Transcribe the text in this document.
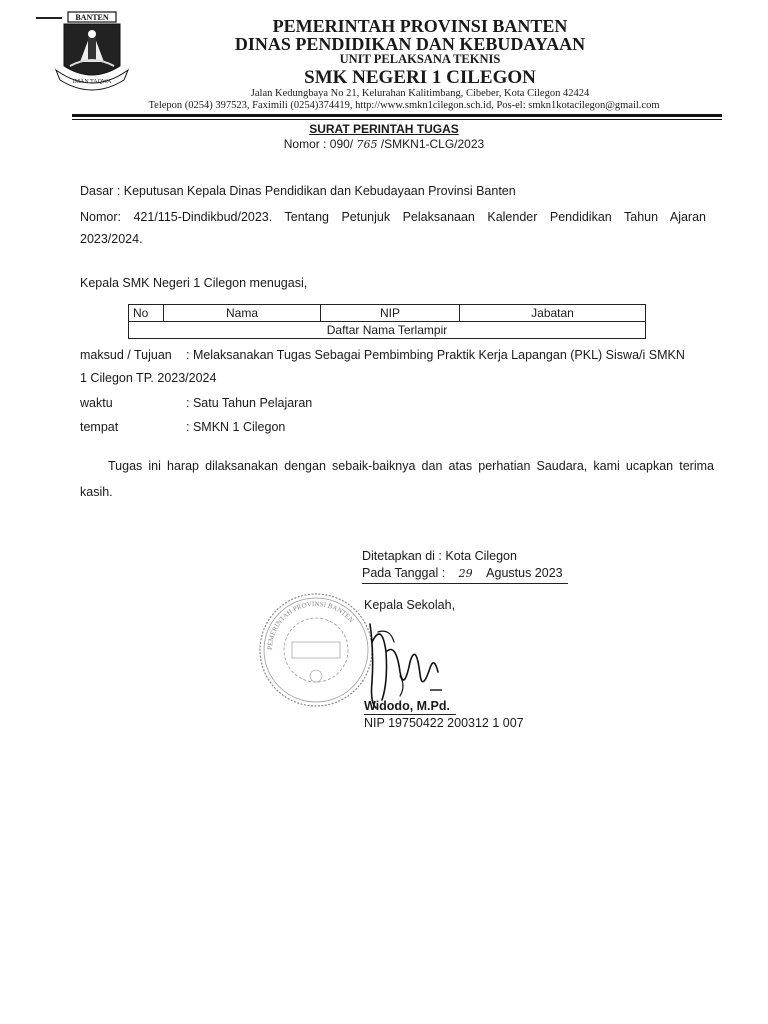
BANTEN
IMAN TAQWA
PEMERINTAH PROVINSI BANTEN
DINAS PENDIDIKAN DAN KEBUDAYAAN
UNIT PELAKSANA TEKNIS
SMK NEGERI 1 CILEGON
Jalan Kedungbaya No 21, Kelurahan Kalitimbang, Cibeber, Kota Cilegon 42424
Telepon (0254) 397523, Faximili (0254)374419, http://www.smkn1cilegon.sch.id, Pos-el: smkn1kotacilegon@gmail.com
SURAT PERINTAH TUGAS
Nomor : 090/ 765 /SMKN1-CLG/2023
Dasar : Keputusan Kepala Dinas Pendidikan dan Kebudayaan Provinsi Banten
Nomor: 421/115-Dindikbud/2023. Tentang Petunjuk Pelaksanaan Kalender Pendidikan Tahun Ajaran
2023/2024.
Kepala SMK Negeri 1 Cilegon menugasi,
No	Nama	NIP	Jabatan
Daftar Nama Terlampir
maksud / Tujuan : Melaksanakan Tugas Sebagai Pembimbing Praktik Kerja Lapangan (PKL) Siswa/i SMKN
1 Cilegon TP. 2023/2024
waktu	: Satu Tahun Pelajaran
tempat	: SMKN 1 Cilegon
Tugas ini harap dilaksanakan dengan sebaik-baiknya dan atas perhatian Saudara, kami ucapkan terima
kasih.
Ditetapkan di : Kota Cilegon
Pada Tanggal : 29 Agustus 2023
PEMERINTAH PROVINSI BANTEN
Kepala Sekolah,
Widodo, M.Pd.
NIP 19750422 200312 1 007
